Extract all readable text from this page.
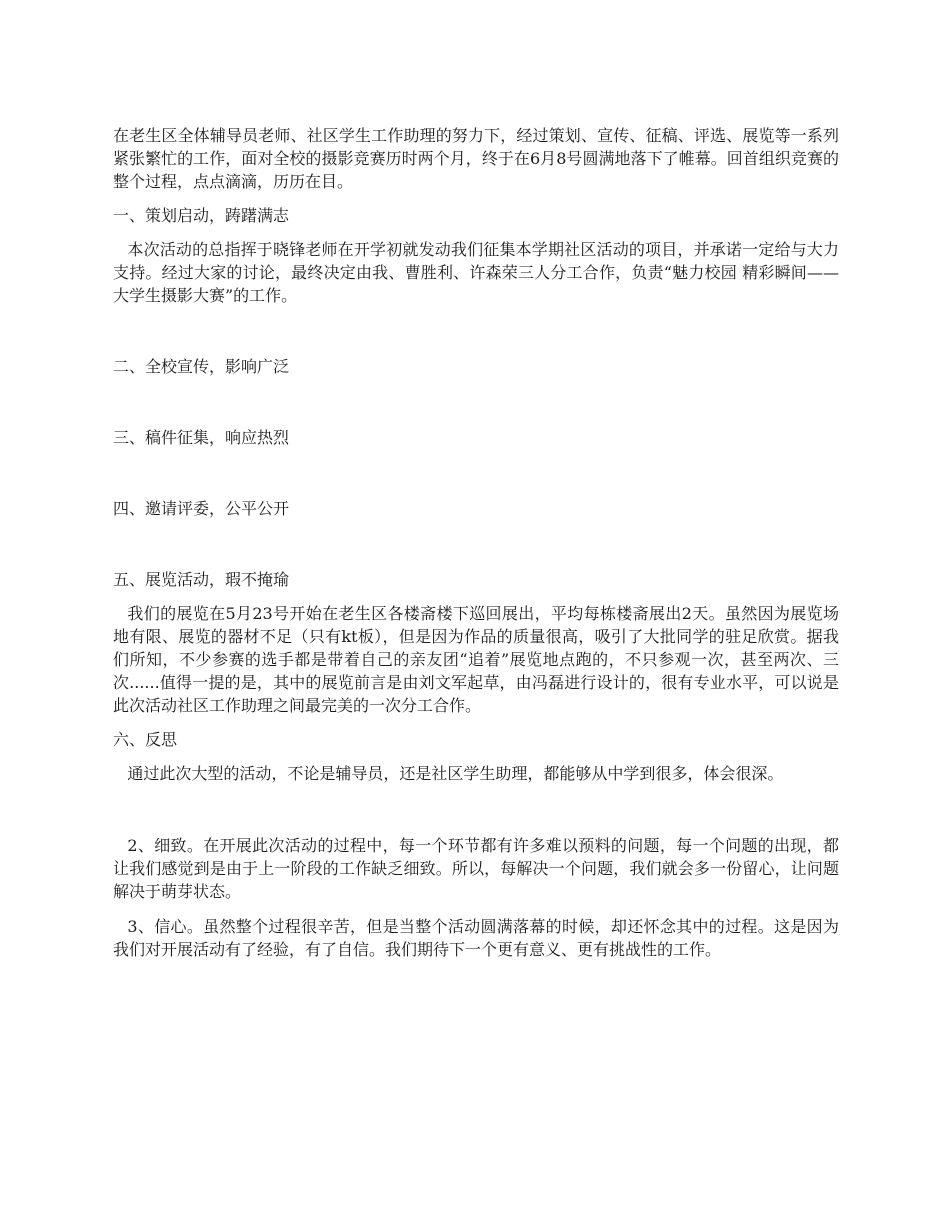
在老生区全体辅导员老师、社区学生工作助理的努力下，经过策划、宣传、征稿、评选、展览等一系列紧张繁忙的工作，面对全校的摄影竞赛历时两个月，终于在6月8号圆满地落下了帷幕。回首组织竞赛的整个过程，点点滴滴，历历在目。

一、策划启动，踌躇满志

本次活动的总指挥于晓锋老师在开学初就发动我们征集本学期社区活动的项目，并承诺一定给与大力支持。经过大家的讨论，最终决定由我、曹胜利、许森荣三人分工合作，负责“魅力校园 精彩瞬间——大学生摄影大赛”的工作。

二、全校宣传，影响广泛

三、稿件征集，响应热烈

四、邀请评委，公平公开

五、展览活动，瑕不掩瑜

我们的展览在5月23号开始在老生区各楼斋楼下巡回展出，平均每栋楼斋展出2天。虽然因为展览场地有限、展览的器材不足（只有kt板），但是因为作品的质量很高，吸引了大批同学的驻足欣赏。据我们所知，不少参赛的选手都是带着自己的亲友团“追着”展览地点跑的，不只参观一次，甚至两次、三次......值得一提的是，其中的展览前言是由刘文军起草，由冯磊进行设计的，很有专业水平，可以说是此次活动社区工作助理之间最完美的一次分工合作。

六、反思

通过此次大型的活动，不论是辅导员，还是社区学生助理，都能够从中学到很多，体会很深。

2、细致。在开展此次活动的过程中，每一个环节都有许多难以预料的问题，每一个问题的出现，都让我们感觉到是由于上一阶段的工作缺乏细致。所以，每解决一个问题，我们就会多一份留心，让问题解决于萌芽状态。

3、信心。虽然整个过程很辛苦，但是当整个活动圆满落幕的时候，却还怀念其中的过程。这是因为我们对开展活动有了经验，有了自信。我们期待下一个更有意义、更有挑战性的工作。
